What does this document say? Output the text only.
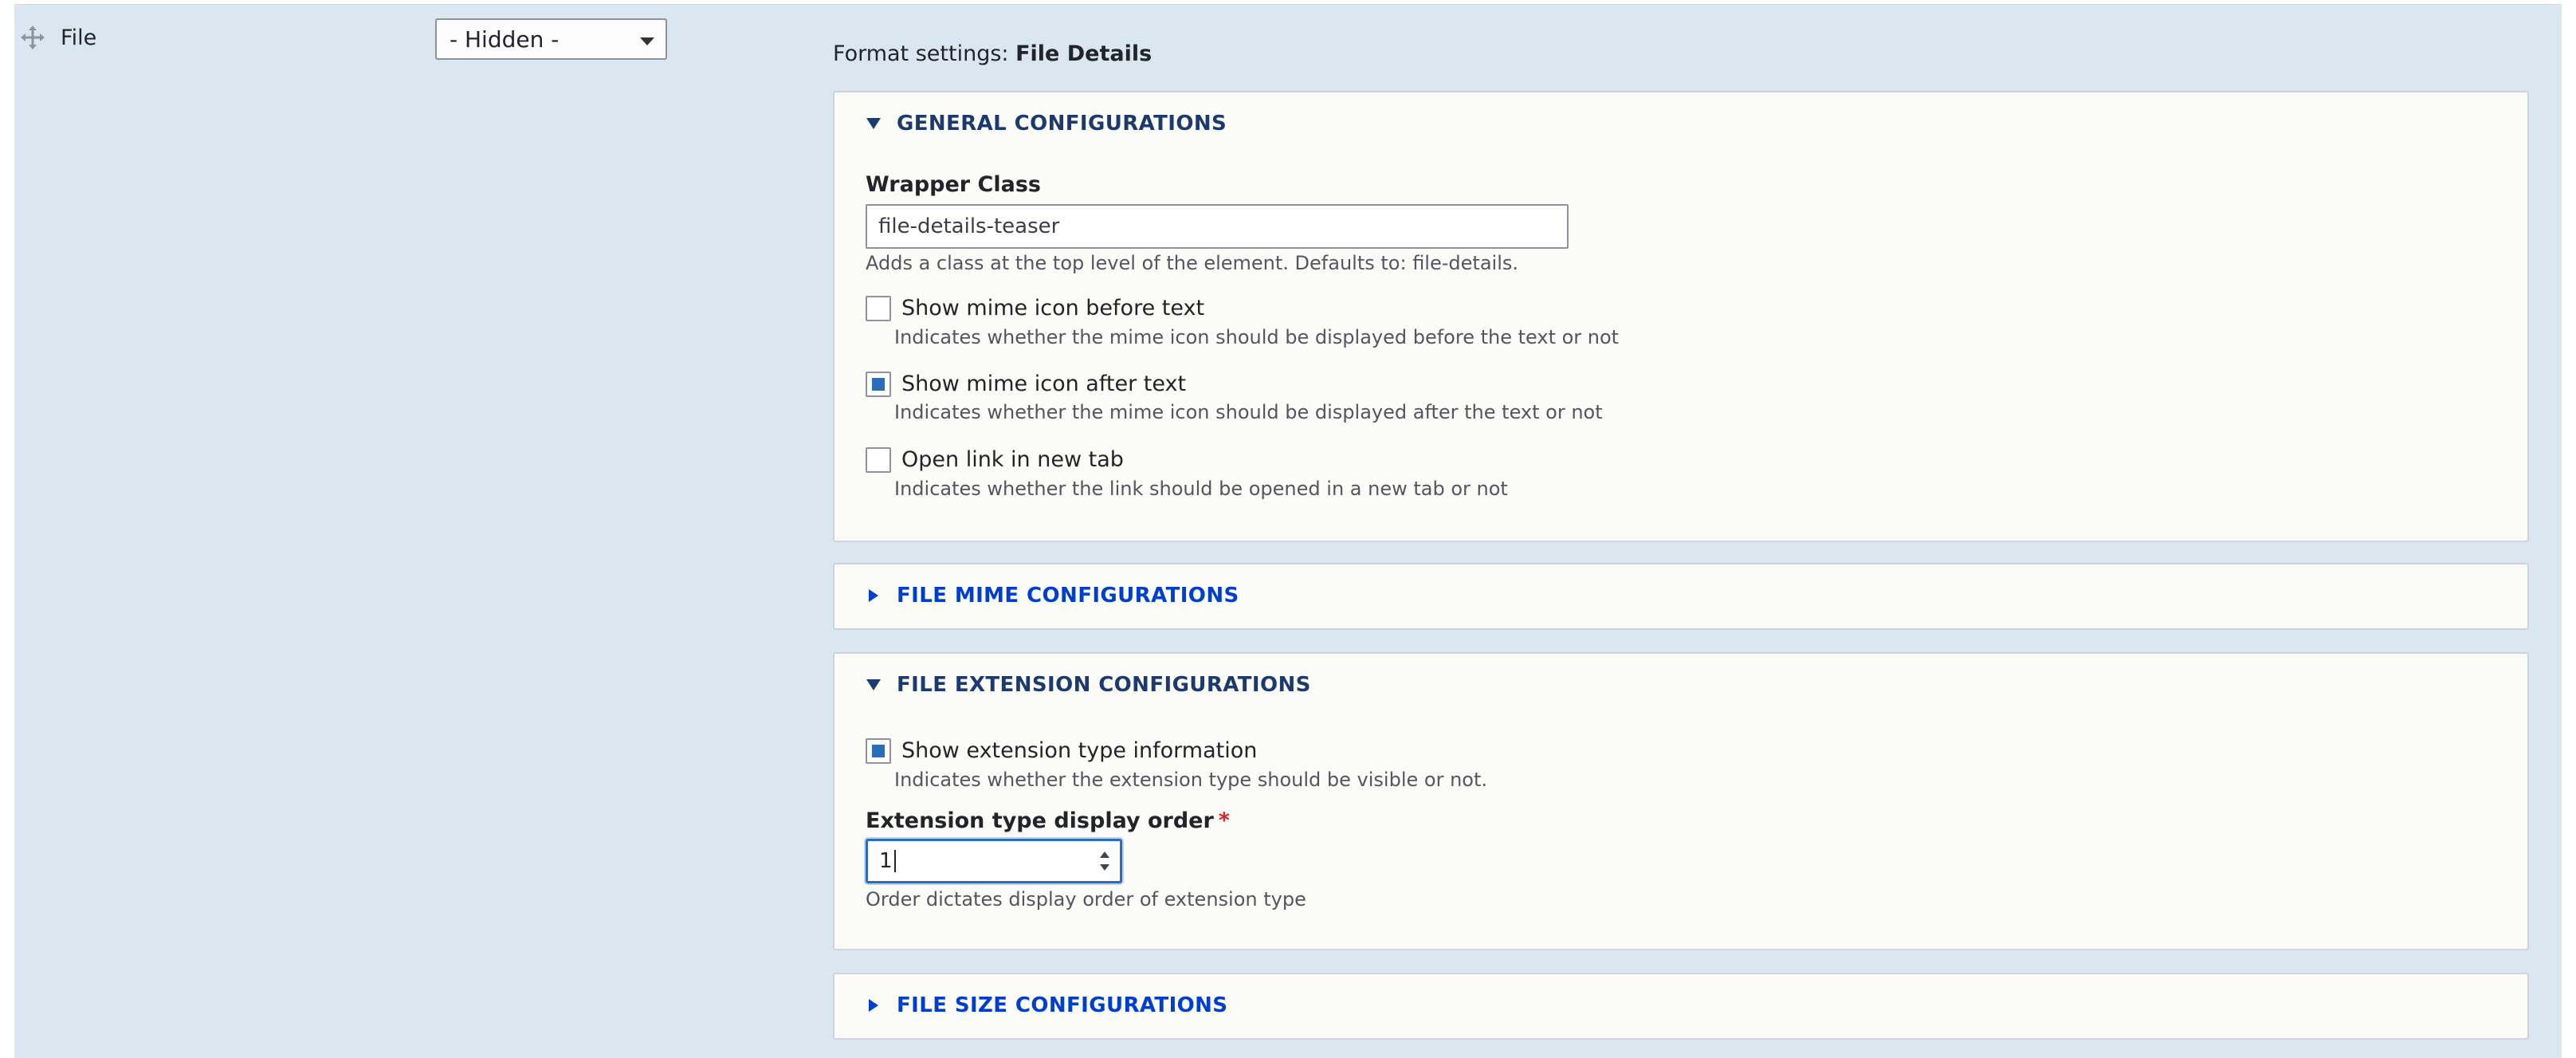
File	- Hidden -
Format settings: File Details
GENERAL CONFIGURATIONS
Wrapper Class
file-details-teaser
Adds a class at the top level of the element. Defaults to: file-details.
Show mime icon before text
Indicates whether the mime icon should be displayed before the text or not
Show mime icon after text
Indicates whether the mime icon should be displayed after the text or not
Open link in new tab
Indicates whether the link should be opened in a new tab or not
FILE MIME CONFIGURATIONS
FILE EXTENSION CONFIGURATIONS
Show extension type information
Indicates whether the extension type should be visible or not.
Extension type display order *
1
Order dictates display order of extension type
FILE SIZE CONFIGURATIONS
